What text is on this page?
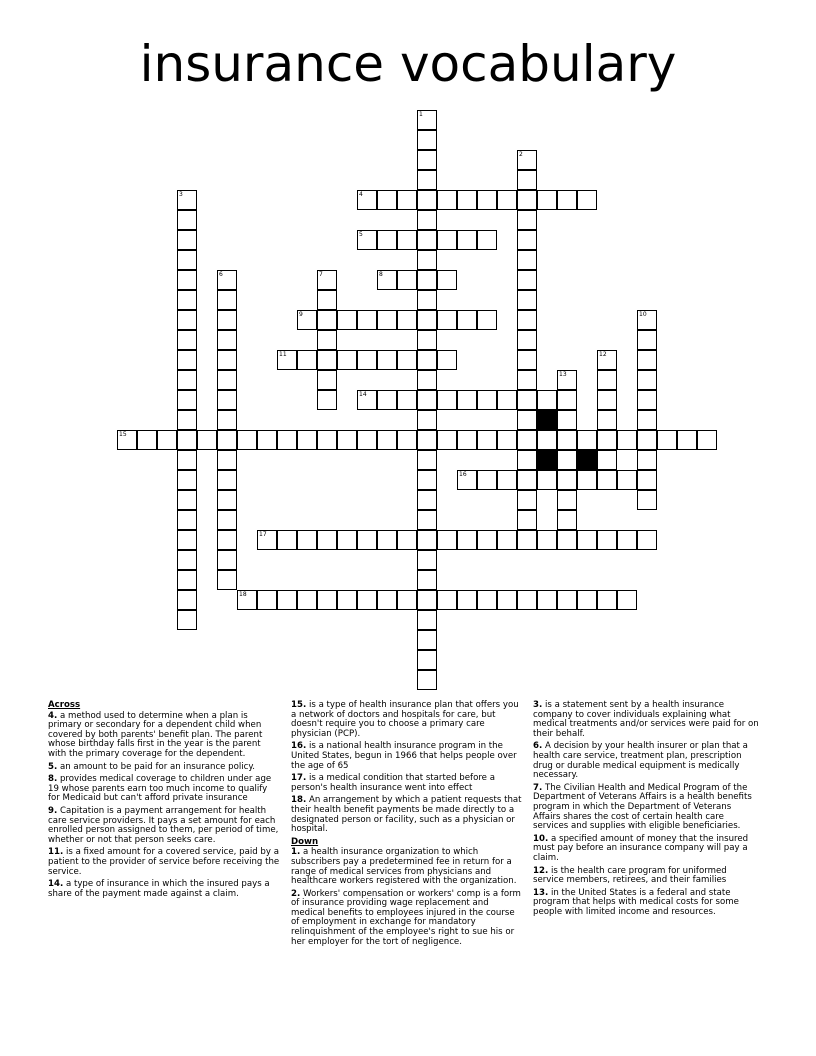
insurance vocabulary
4
5
8
9
11
14
15
16
17
18
1
2
3
6	7
10
12
13
Across
4. a method used to determine when a plan is primary or secondary for a dependent child when covered by both parents' benefit plan. The parent whose birthday falls first in the year is the parent with the primary coverage for the dependent.
5. an amount to be paid for an insurance policy.
8. provides medical coverage to children under age 19 whose parents earn too much income to qualify for Medicaid but can't afford private insurance
9. Capitation is a payment arrangement for health care service providers. It pays a set amount for each enrolled person assigned to them, per period of time, whether or not that person seeks care.
11. is a fixed amount for a covered service, paid by a patient to the provider of service before receiving the service.
14. a type of insurance in which the insured pays a share of the payment made against a claim.
15. is a type of health insurance plan that offers you a network of doctors and hospitals for care, but doesn't require you to choose a primary care physician (PCP).
16. is a national health insurance program in the United States, begun in 1966 that helps people over the age of 65
17. is a medical condition that started before a person's health insurance went into effect
18. An arrangement by which a patient requests that their health benefit payments be made directly to a designated person or facility, such as a physician or hospital.
Down
1. a health insurance organization to which subscribers pay a predetermined fee in return for a range of medical services from physicians and healthcare workers registered with the organization.
2. Workers' compensation or workers' comp is a form of insurance providing wage replacement and medical benefits to employees injured in the course of employment in exchange for mandatory relinquishment of the employee's right to sue his or her employer for the tort of negligence.
3. is a statement sent by a health insurance company to cover individuals explaining what medical treatments and/or services were paid for on their behalf.
6. A decision by your health insurer or plan that a health care service, treatment plan, prescription drug or durable medical equipment is medically necessary.
7. The Civilian Health and Medical Program of the Department of Veterans Affairs is a health benefits program in which the Department of Veterans Affairs shares the cost of certain health care services and supplies with eligible beneficiaries.
10. a specified amount of money that the insured must pay before an insurance company will pay a claim.
12. is the health care program for uniformed service members, retirees, and their families
13. in the United States is a federal and state program that helps with medical costs for some people with limited income and resources.
